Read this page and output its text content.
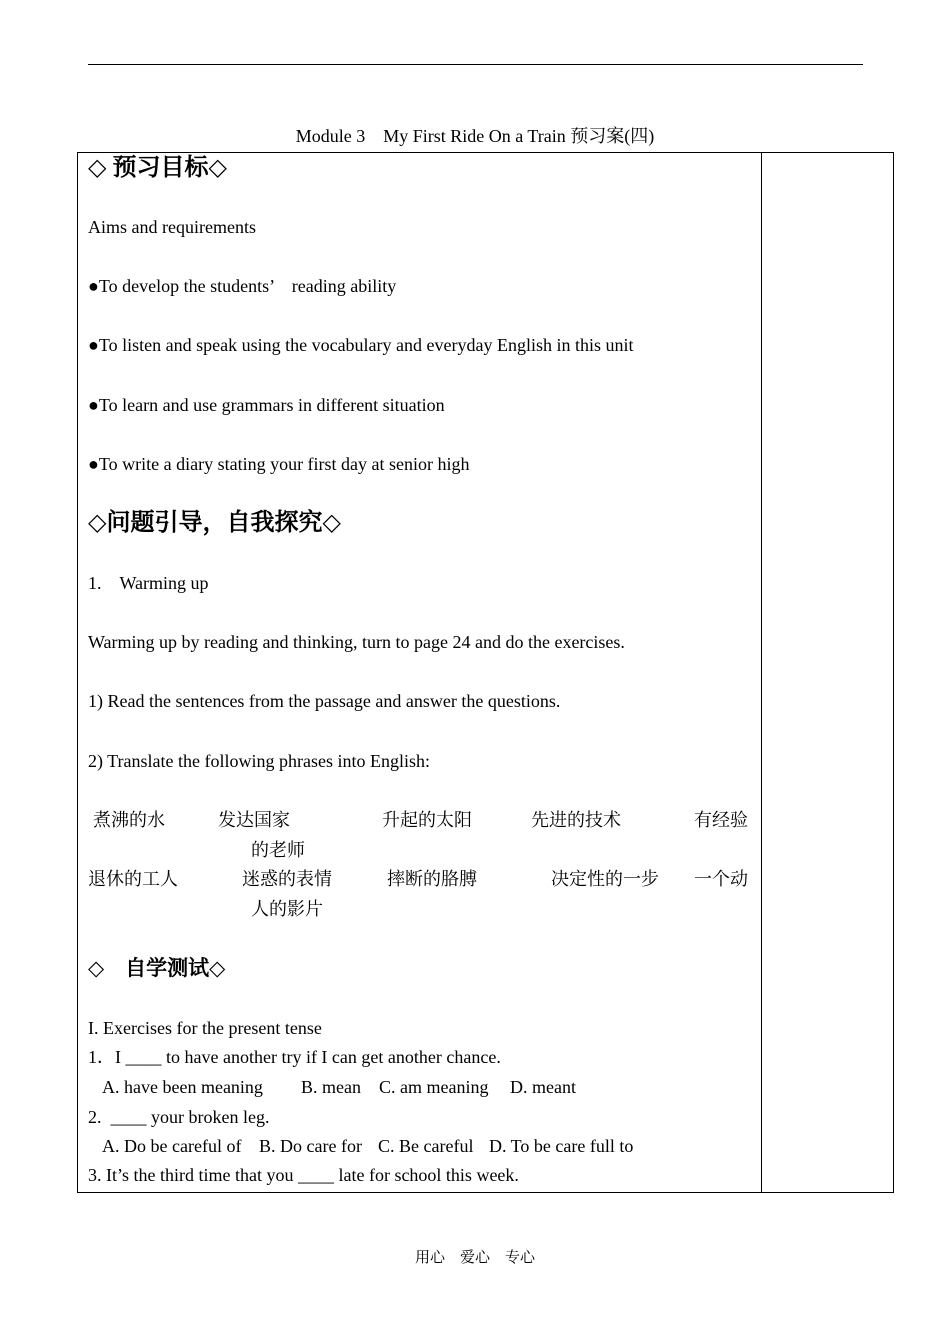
Module 3　My First Ride On a Train 预习案(四)
◇ 预习目标◇
Aims and requirements
●To develop the students’　reading ability
●To listen and speak using the vocabulary and everyday English in this unit
●To learn and use grammars in different situation
●To write a diary stating your first day at senior high
◇问题引导，自我探究◇
1.　Warming up
Warming up by reading and thinking, turn to page 24 and do the exercises.
1) Read the sentences from the passage and answer the questions.
2) Translate the following phrases into English:
煮沸的水	发达国家	升起的太阳	先进的技术	有经验
的老师
退休的工人	迷惑的表情	摔断的胳膊	决定性的一步 一个动
人的影片
◇　自学测试◇
I. Exercises for the present tense
1．I ____ to have another try if I can get another chance.
A. have been meaning B. mean C. am meaning D. meant
2.  ____ your broken leg.
A. Do be careful of B. Do care for C. Be careful D. To be care full to
3. It’s the third time that you ____ late for school this week.
用心　爱心　专心
